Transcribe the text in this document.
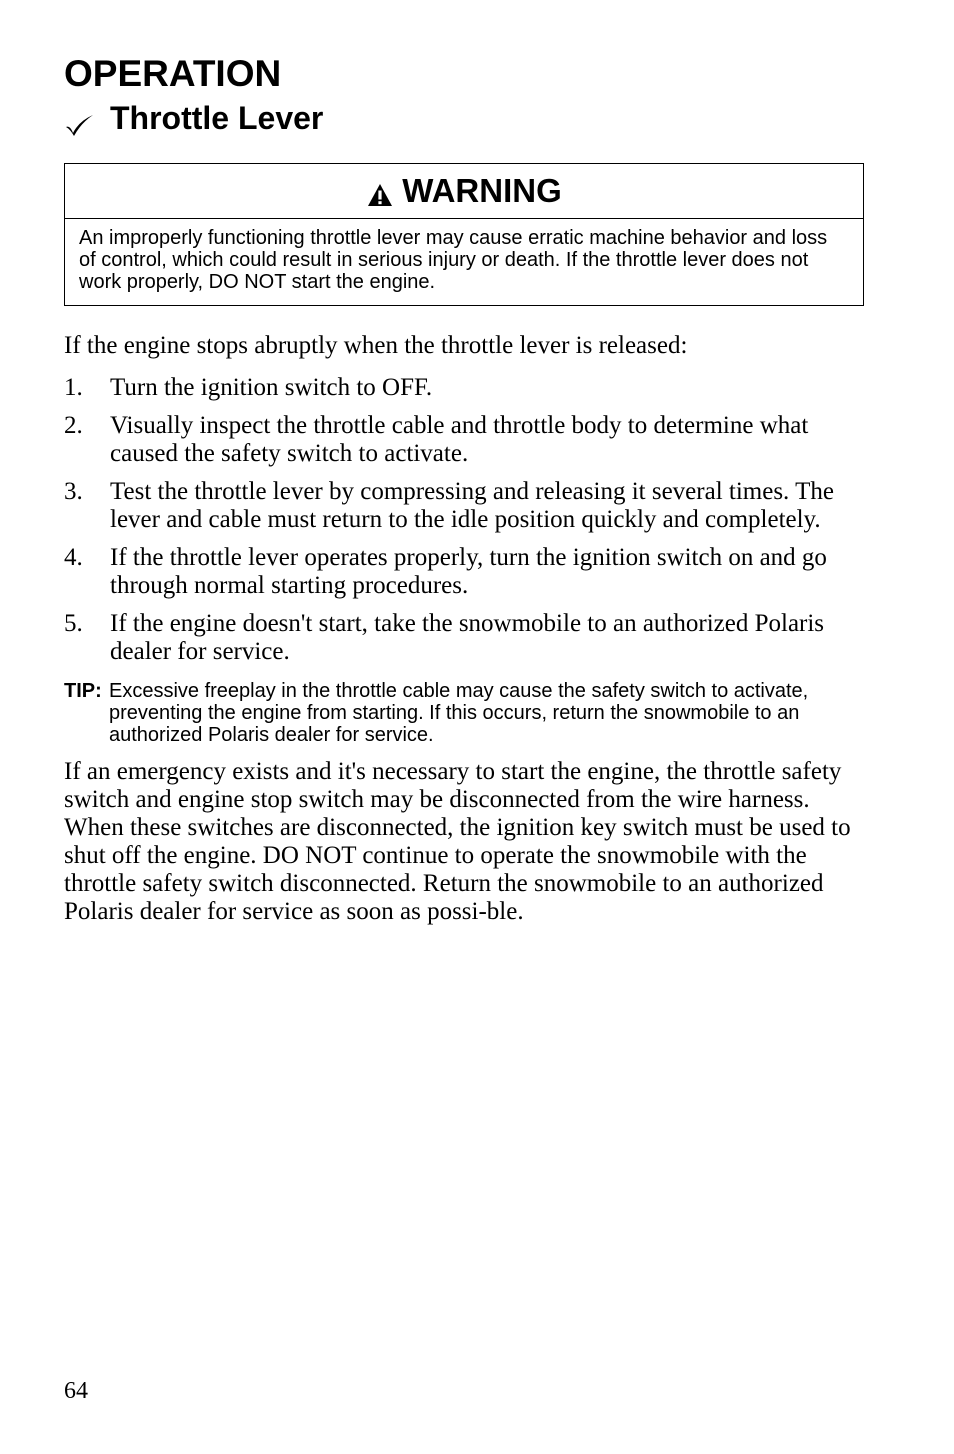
OPERATION
Throttle Lever
WARNING
An improperly functioning throttle lever may cause erratic machine behavior and loss of control, which could result in serious injury or death. If the throttle lever does not work properly, DO NOT start the engine.

If the engine stops abruptly when the throttle lever is released:

1. Turn the ignition switch to OFF.
2. Visually inspect the throttle cable and throttle body to determine what caused the safety switch to activate.
3. Test the throttle lever by compressing and releasing it several times. The lever and cable must return to the idle position quickly and completely.
4. If the throttle lever operates properly, turn the ignition switch on and go through normal starting procedures.
5. If the engine doesn't start, take the snowmobile to an authorized Polaris dealer for service.
TIP: Excessive freeplay in the throttle cable may cause the safety switch to activate, preventing the engine from starting. If this occurs, return the snowmobile to an authorized Polaris dealer for service.

If an emergency exists and it's necessary to start the engine, the throttle safety switch and engine stop switch may be disconnected from the wire harness. When these switches are disconnected, the ignition key switch must be used to shut off the engine. DO NOT continue to operate the snowmobile with the throttle safety switch disconnected. Return the snowmobile to an authorized Polaris dealer for service as soon as possi-ble.

64
